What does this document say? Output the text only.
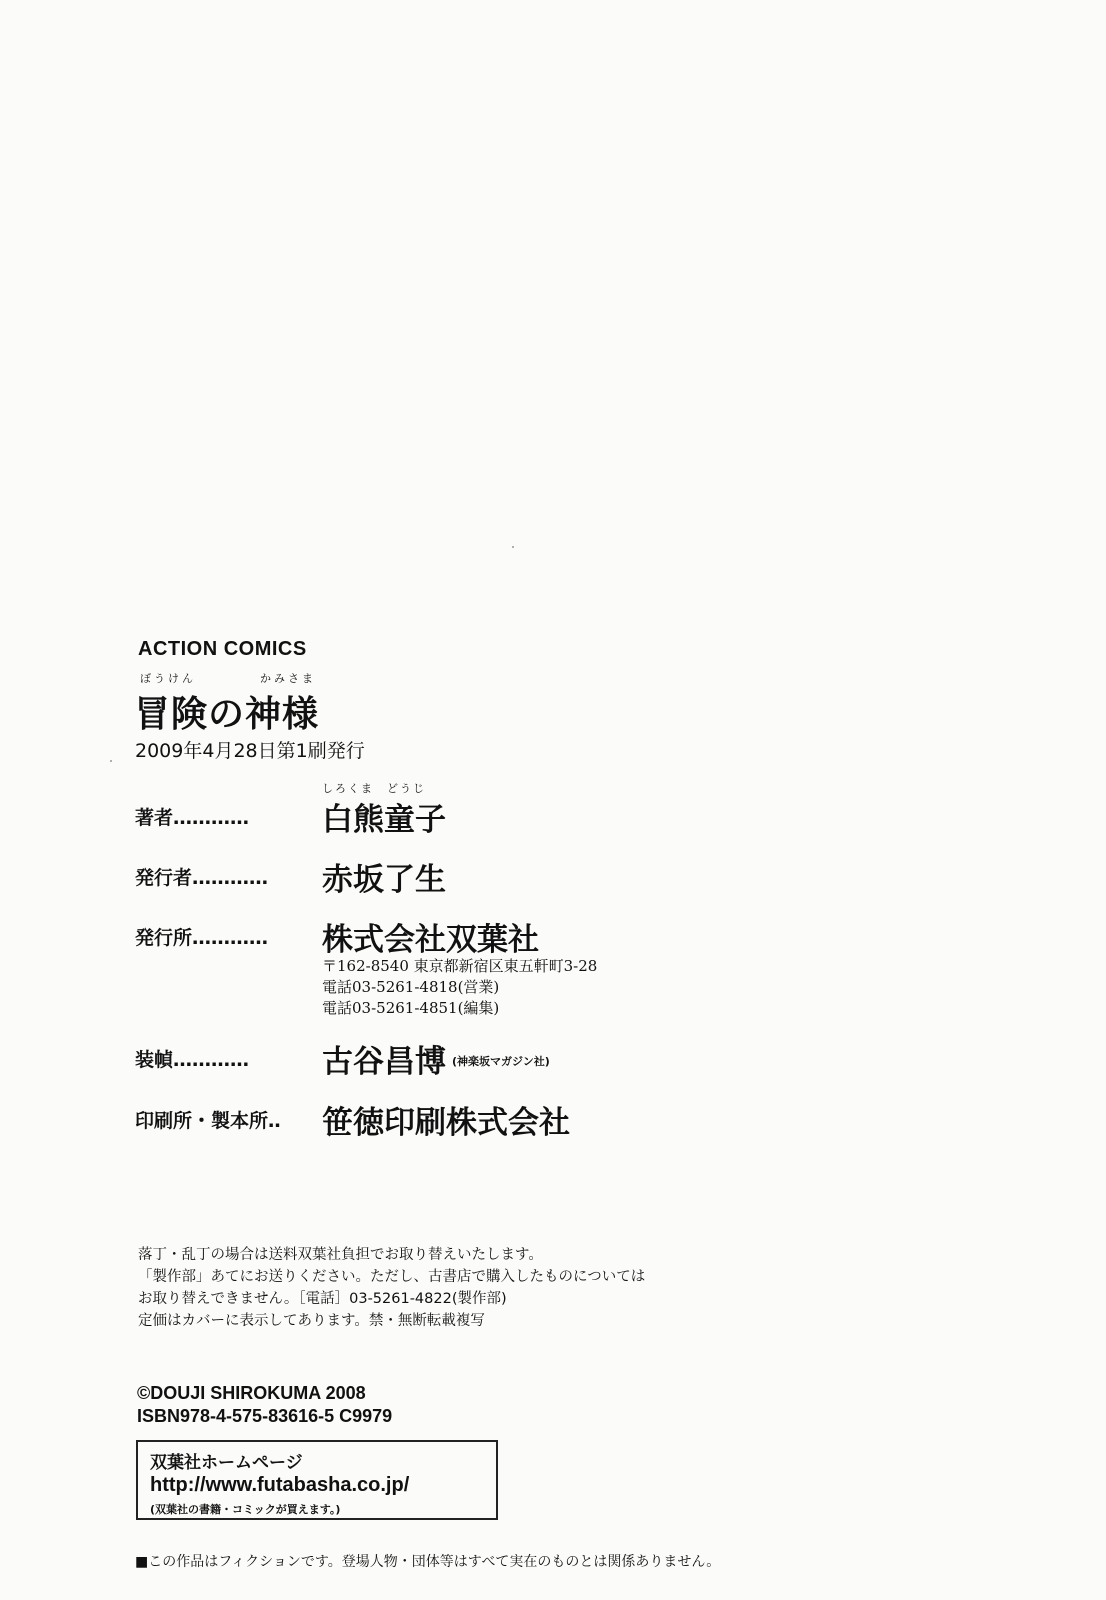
ACTION COMICS
ぼうけん	かみさま
冒険の神様
2009年4月28日第1刷発行
しろくま　どうじ
著者………… 白熊童子
発行者………… 赤坂了生
発行所………… 株式会社双葉社
〒162-8540 東京都新宿区東五軒町3-28
電話03-5261-4818(営業)
電話03-5261-4851(編集)
装幀………… 古谷昌博 (神楽坂マガジン社)
印刷所・製本所‥ 笹徳印刷株式会社
落丁・乱丁の場合は送料双葉社負担でお取り替えいたします。
「製作部」あてにお送りください。ただし、古書店で購入したものについては
お取り替えできません。［電話］03-5261-4822(製作部)
定価はカバーに表示してあります。禁・無断転載複写
©DOUJI SHIROKUMA 2008
ISBN978-4-575-83616-5 C9979
双葉社ホームページ
http://www.futabasha.co.jp/
(双葉社の書籍・コミックが買えます。)
■この作品はフィクションです。登場人物・団体等はすべて実在のものとは関係ありません。
